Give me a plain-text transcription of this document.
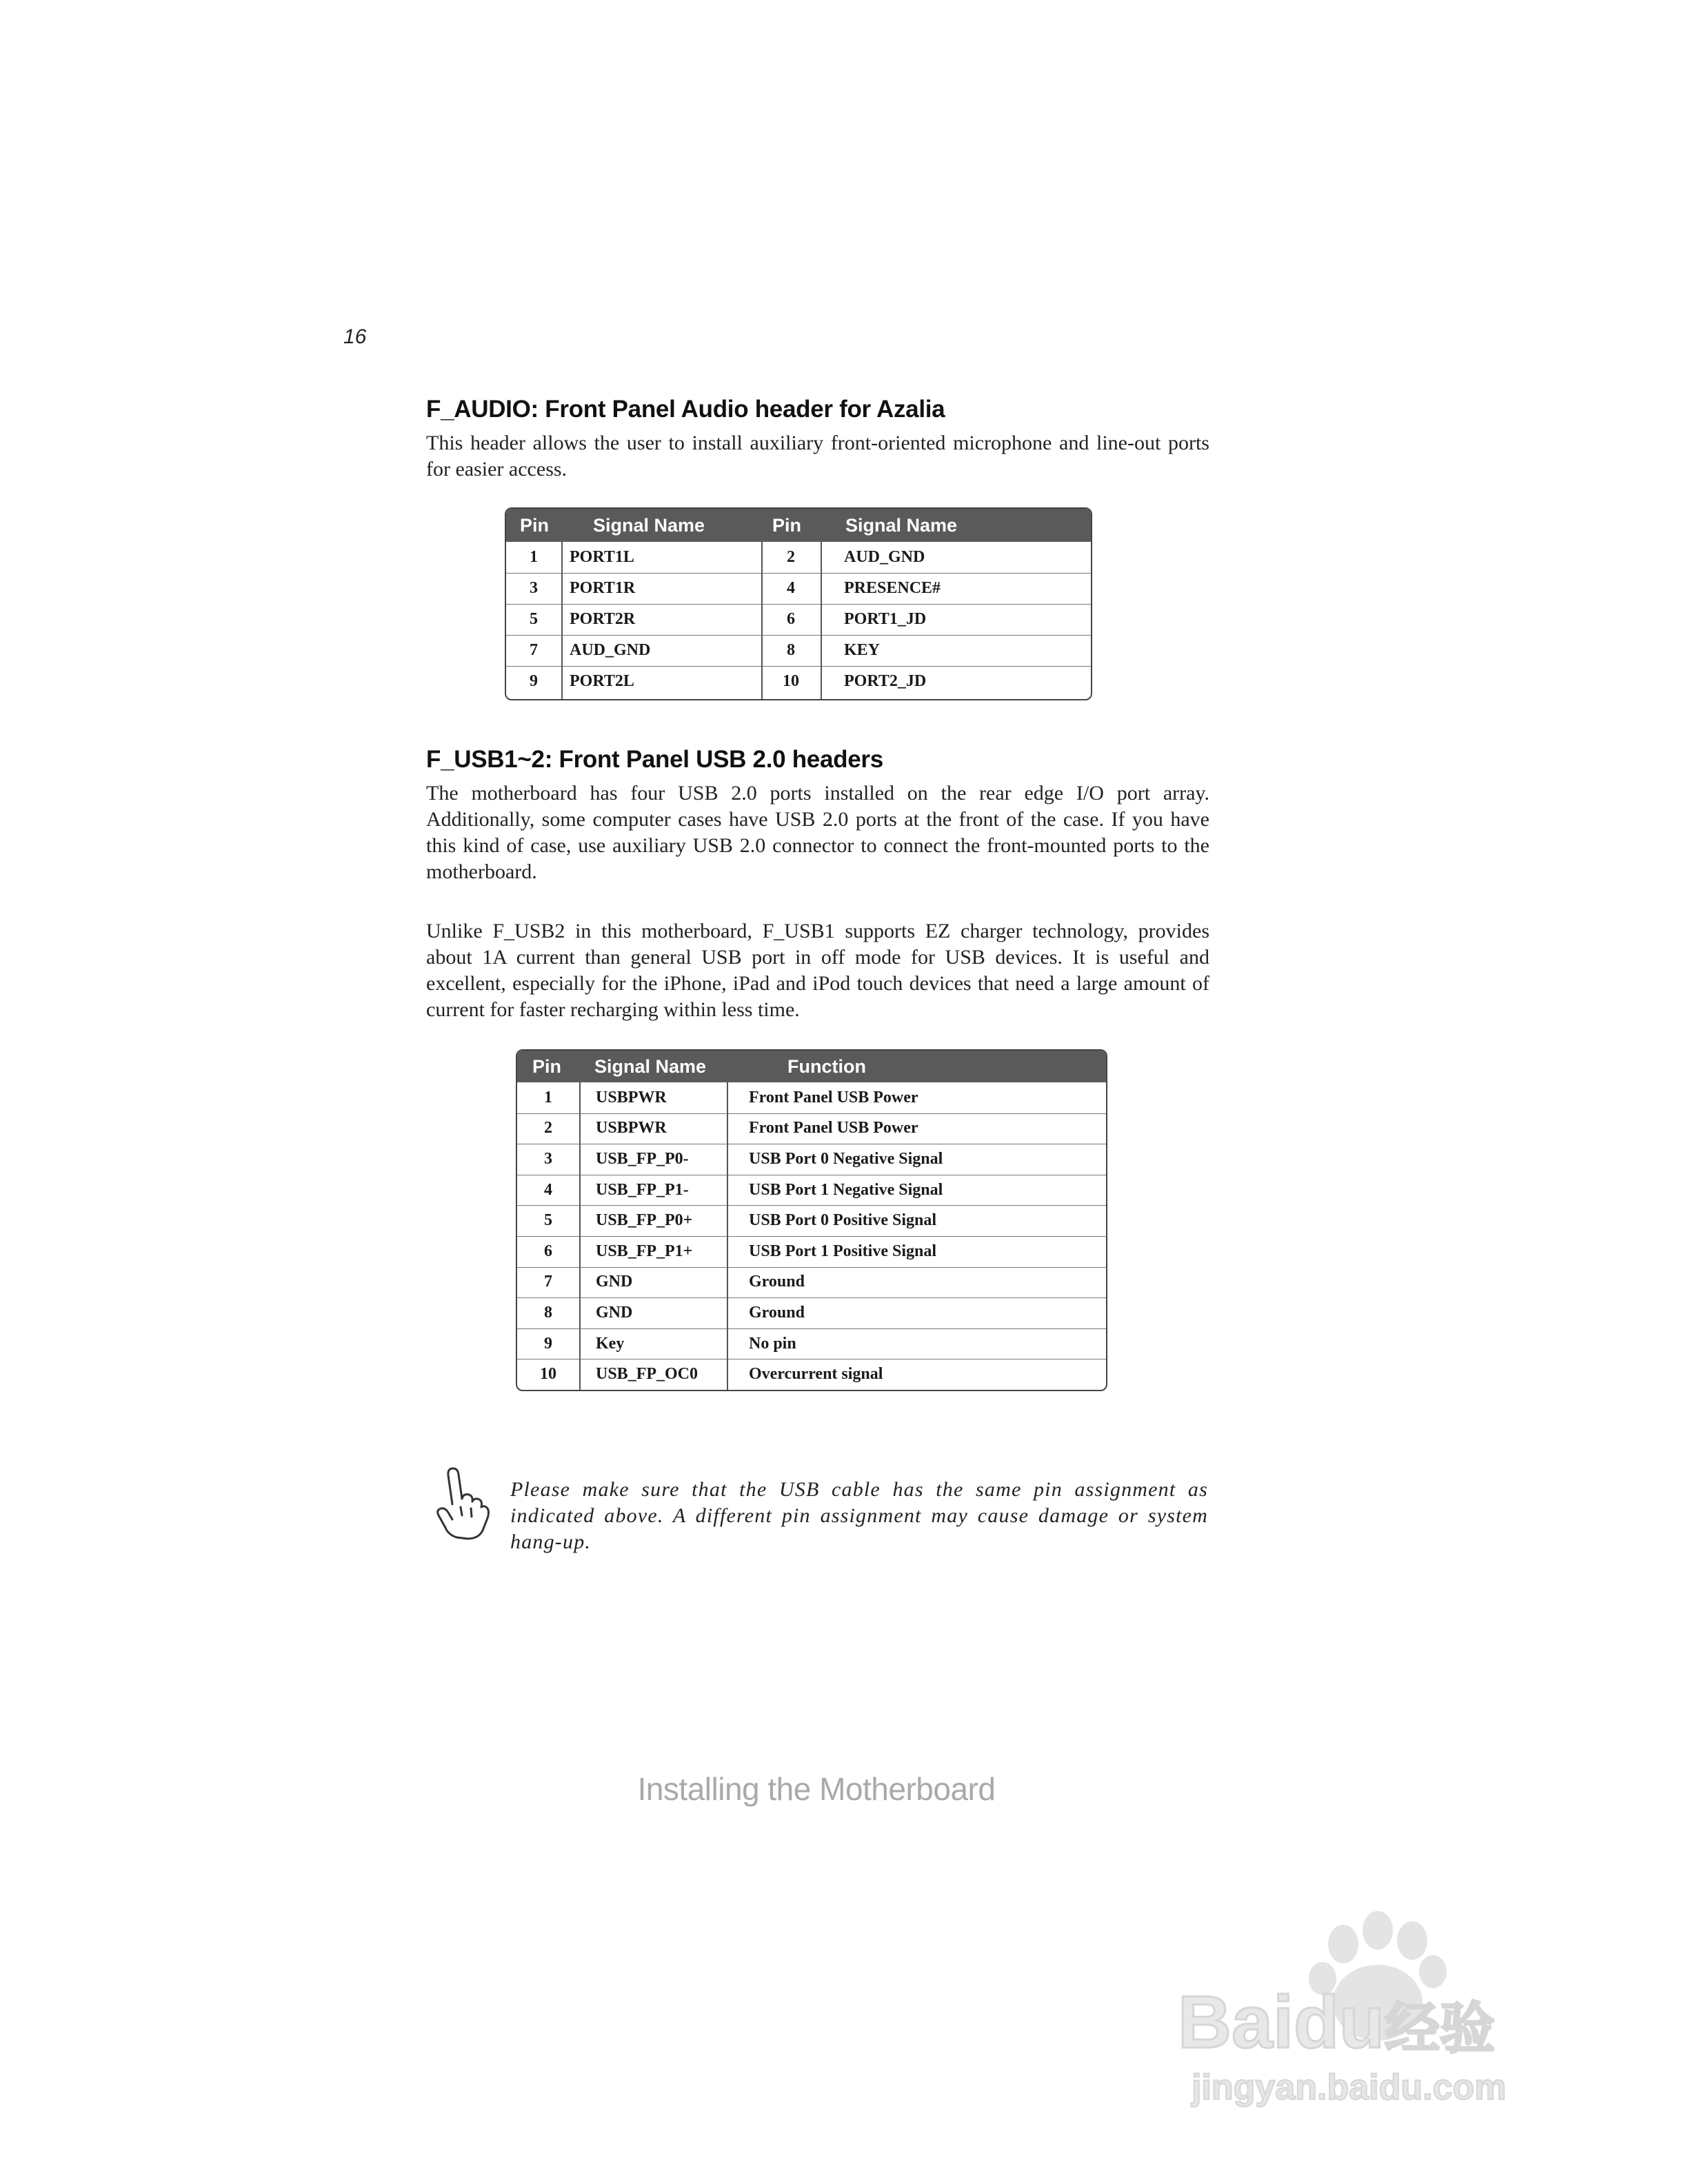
16
F_AUDIO: Front Panel Audio header for Azalia

This header allows the user to install auxiliary front-oriented microphone and line-out ports for easier access.

Pin Signal Name	Pin Signal Name
1	PORT1L	2	AUD_GND
3	PORT1R	4	PRESENCE#
5	PORT2R	6	PORT1_JD
7	AUD_GND	8	KEY
9	PORT2L	10	PORT2_JD
F_USB1~2: Front Panel USB 2.0 headers

The motherboard has four USB 2.0 ports installed on the rear edge I/O port array. Additionally, some computer cases have USB 2.0 ports at the front of the case. If you have this kind of case, use auxiliary USB 2.0 connector to connect the front-mounted ports to the motherboard.

Unlike F_USB2 in this motherboard, F_USB1 supports EZ charger technology, provides about 1A current than general USB port in off mode for USB devices. It is useful and excellent, especially for the iPhone, iPad and iPod touch devices that need a large amount of current for faster recharging within less time.

Pin Signal Name	Function
1	USBPWR	Front Panel USB Power
2	USBPWR	Front Panel USB Power
3	USB_FP_P0-	USB Port 0 Negative Signal
4	USB_FP_P1-	USB Port 1 Negative Signal
5	USB_FP_P0+	USB Port 0 Positive Signal
6	USB_FP_P1+	USB Port 1 Positive Signal
7	GND	Ground
8	GND	Ground
9	Key	No pin
10	USB_FP_OC0	Overcurrent signal

Please make sure that the USB cable has the same pin assignment as indicated above. A different pin assignment may cause damage or system hang-up.

Installing the Motherboard
Baidu经验
jingyan.baidu.com
